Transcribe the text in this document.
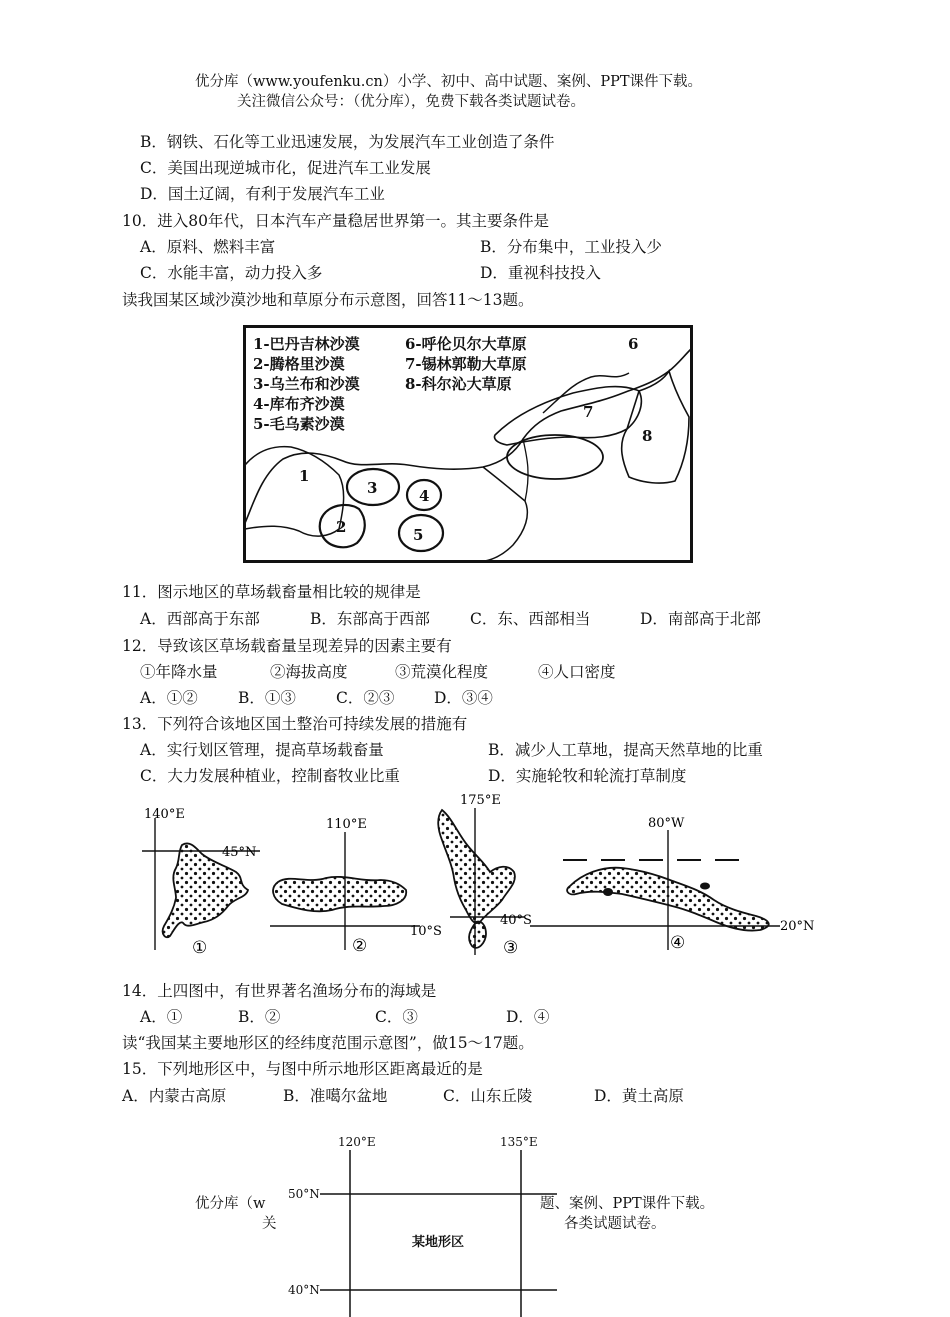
优分库（www.youfenku.cn）小学、初中、高中试题、案例、PPT课件下载。
关注微信公众号：（优分库），免费下载各类试题试卷。
B．钢铁、石化等工业迅速发展，为发展汽车工业创造了条件
C．美国出现逆城市化，促进汽车工业发展
D．国土辽阔，有利于发展汽车工业
10．进入80年代，日本汽车产量稳居世界第一。其主要条件是
A．原料、燃料丰富	B．分布集中，工业投入少
C．水能丰富，动力投入多	D．重视科技投入
读我国某区域沙漠沙地和草原分布示意图，回答11～13题。
1-巴丹吉林沙漠
2-腾格里沙漠
3-乌兰布和沙漠
4-库布齐沙漠
5-毛乌素沙漠
6-呼伦贝尔大草原
7-锡林郭勒大草原
8-科尔沁大草原
1
2
3	4
5
6
7
8
11．图示地区的草场载畜量相比较的规律是
A．西部高于东部	B．东部高于西部	C．东、西部相当	D．南部高于北部
12．导致该区草场载畜量呈现差异的因素主要有
①年降水量	②海拔高度	③荒漠化程度	④人口密度
A．①②	B．①③	C．②③	D．③④
13．下列符合该地区国土整治可持续发展的措施有
A．实行划区管理，提高草场载畜量	B．减少人工草地，提高天然草地的比重
C．大力发展种植业，控制畜牧业比重	D．实施轮牧和轮流打草制度
140°E
45°N
①
110°E
10°S
②
175°E
40°S
③
80°W
20°N
④
14．上四图中，有世界著名渔场分布的海域是
A．①	B．②	C．③	D．④
读“我国某主要地形区的经纬度范围示意图”，做15～17题。
15．下列地形区中，与图中所示地形区距离最近的是
A．内蒙古高原	B．准噶尔盆地	C．山东丘陵	D．黄土高原
优分库（w	题、案例、PPT课件下载。
关	各类试题试卷。
120°E	135°E
50°N
40°N
某地形区
